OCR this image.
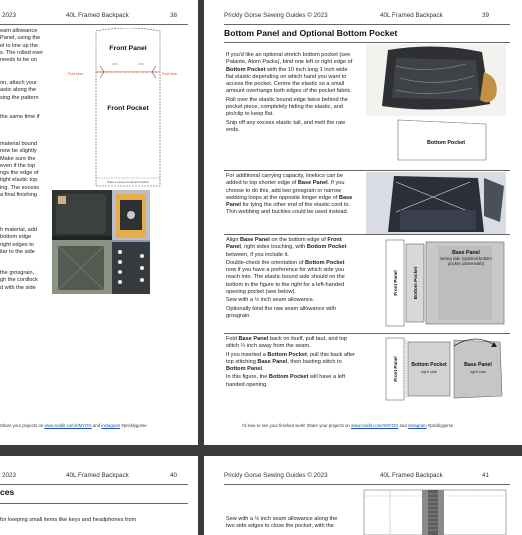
2023	40L Framed Backpack	38

eam allowance
Panel, using the
el to line up the
s. The rolled over
needs to be on

on, attach your
astic along the
sing the pattern

the same time if

material bound
now be slightly
Make sure the
even if the top
ngs the edge of
tight elastic top
ing. The excess
a final finishing

h material, add
bottom edge
right edges to
ilar to the side

the grosgrain,
gh the cordlock
d with the side

Front Panel
Front Pocket
Fold here	Fold here
Place it using non-stretch product
Share your projects on www.reddit.com/r/MYOG and instagram #pricklygorse
Prickly Gorse Sewing Guides © 2023	40L Framed Backpack	39
Bottom Panel and Optional Bottom Pocket

If you'd like an optional stretch bottom pocket (see Palante, Atom Packs), bind one left or right edge of Bottom Pocket with the 10 inch long 1 inch wide flat elastic depending on which hand you want to access the pocket. Centre the elastic so a small amount overhangs both edges of the pocket fabric.

Roll over the elastic bound edge twice behind the pocket piece, completely hiding the elastic, and pin/clip to keep flat.

Snip off any excess elastic tail, and melt the raw ends.

Bottom Pocket

For additional carrying capacity, linelocs can be added to top shorter edge of Base Panel. If you choose to do this, add two grosgrain or narrow webbing loops at the opposite longer edge of Base Panel for tying the other end of the elastic cord to. Thin webbing and buckles could be used instead.

Align Base Panel on the bottom edge of Front Panel, right sides touching, with Bottom Pocket between, if you include it.

Double-check the orientation of Bottom Pocket now if you have a preference for which side you reach into. The elastic bound side should on the bottom in the figure to the right for a left-handed opening pocket (see below).

Sew with a ½ inch seam allowance.

Optionally bind the raw seam allowance with grosgrain.

Front Panel	Bottom Pocket
Base Panel
wrong side (optional bottom pocket underneath)

Fold Base Panel back on itself, pull taut, and top stitch ¼ inch away from the seam.

If you inserted a Bottom Pocket, pull this back after top stitching Base Panel, then basting stitch to Bottom Panel.

In this figure, the Bottom Pocket will have a left handed opening.

Front Panel	Bottom Pocket
right side
Base Panel
right side
I'd love to see your finished work! Share your projects on www.reddit.com/r/MYOG and instagram #pricklygorse
2023	40L Framed Backpack	40
ces
for keeping small items like keys and headphones from
Prickly Gorse Sewing Guides © 2023	40L Framed Backpack	41
Sew with a ½ inch seam allowance along the
two side edges to close the pocket, with the
